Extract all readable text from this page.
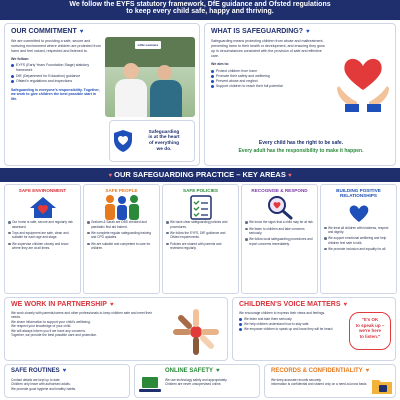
We follow the EYFS statutory framework, DfE guidance and Ofsted regulations
to keep every child safe, happy and thriving.
OUR COMMITMENT ♥

We are committed to providing a safe, secure and nurturing environment where children are protected from harm and feel valued, respected and listened to.

We follow:

EYFS (Early Years Foundation Stage) statutory framework
DfE (Department for Education) guidance
Ofsted's regulations and inspections

Safeguarding is everyone's responsibility. Together, we work to give children the best possible start in life.

Little Learners
Safeguarding
is at the heart
of everything
we do.
WHAT IS SAFEGUARDING? ♥

Safeguarding means protecting children from abuse and maltreatment, preventing harm to their health or development, and ensuring they grow up in circumstances consistent with the provision of safe and effective care.

We aim to:

Protect children from harm
Promote their safety and wellbeing
Prevent abuse and neglect
Support children to reach their full potential
Every child has the right to be safe.
Every adult has the responsibility to make it happen.
♥ OUR SAFEGUARDING PRACTICE – KEY AREAS ♥
SAFE ENVIRONMENT

Our home is safe, secure and regularly risk assessed.

Toys and equipment are safe, clean and suitable for each age and stage.

We supervise children closely and know where they are at all times.

SAFE PEOPLE

Graham & Sarah are DBS checked and paediatric first aid trained.

We complete regular safeguarding training and CPD updates.

We are suitable and competent to care for children.

SAFE POLICIES

We have clear safeguarding policies and procedures.

We follow the EYFS, DfE guidance and Ofsted requirements.

Policies are shared with parents and reviewed regularly.

RECOGNISE & RESPOND

We know the signs that a child may be at risk.

We listen to children and take concerns seriously.

We follow local safeguarding procedures and report concerns immediately.

BUILDING POSITIVE RELATIONSHIPS

We treat all children with kindness, respect and dignity.

We support emotional wellbeing and help children feel safe to talk.

We promote inclusion and equality for all.

WE WORK IN PARTNERSHIP ♥

We work closely with parents/carers and other professionals to keep children safe and meet their needs.

We share information to support your child's wellbeing.

We respect your knowledge of your child.

We will always inform you if we have any concerns.

Together, we provide the best possible care and protection.

CHILDREN'S VOICE MATTERS ♥

We encourage children to express their views and feelings.

We listen and take them seriously.
We help children understand how to stay safe.
We empower children to speak up and know they will be heard.
"It's OK
to speak up –
we're here
to listen."
SAFE ROUTINES ♥

Contact details are kept up to date.

Children only leave with authorised adults.

We promote good hygiene and healthy habits.

ONLINE SAFETY ♥

We use technology safely and appropriately.

Children are never unsupervised online.

RECORDS & CONFIDENTIALITY ♥

We keep accurate records securely.

Information is confidential and shared only on a need-to-know basis.
